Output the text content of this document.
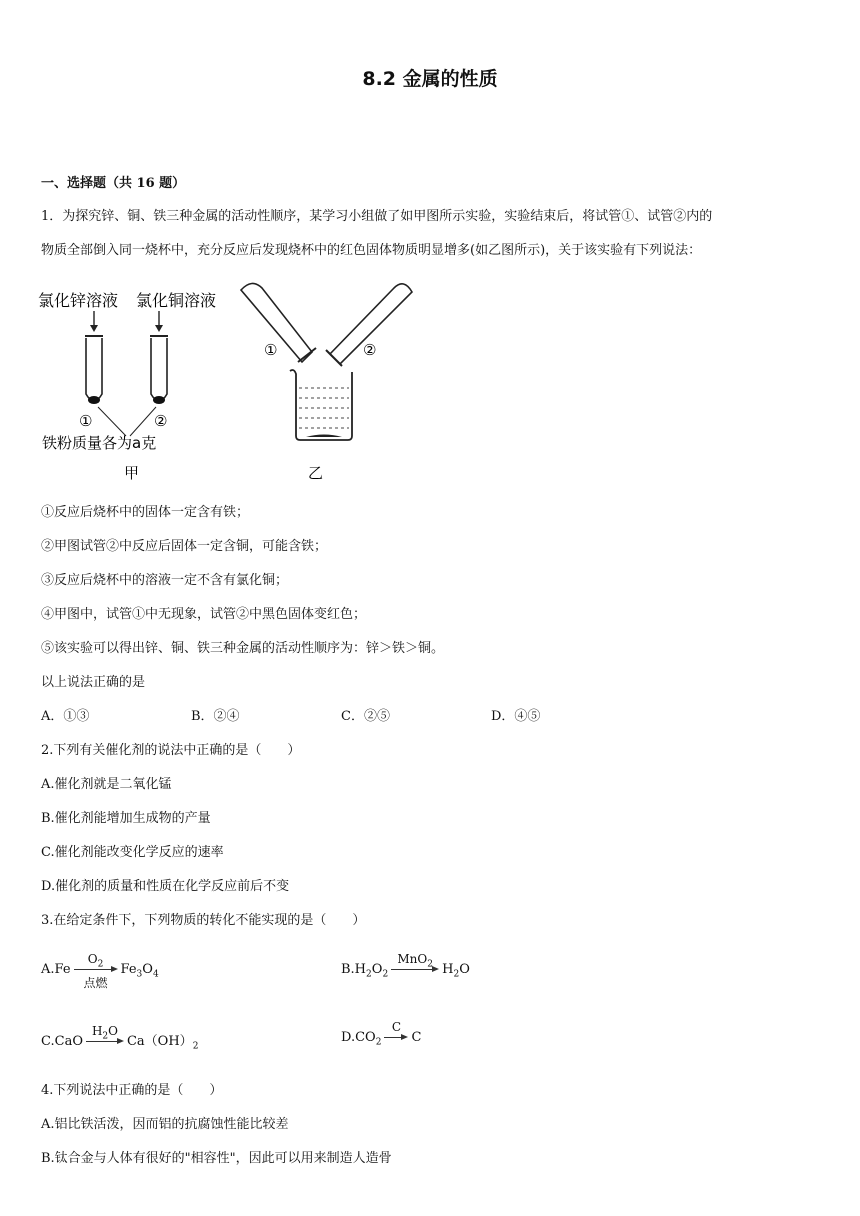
8.2 金属的性质
一、选择题（共 16 题）
1．为探究锌、铜、铁三种金属的活动性顺序，某学习小组做了如甲图所示实验，实验结束后，将试管①、试管②内的
物质全部倒入同一烧杯中，充分反应后发现烧杯中的红色固体物质明显增多(如乙图所示)，关于该实验有下列说法：
氯化锌溶液 氯化铜溶液
①	②
铁粉质量各为a克
甲
①	②
乙
①反应后烧杯中的固体一定含有铁；
②甲图试管②中反应后固体一定含铜，可能含铁；
③反应后烧杯中的溶液一定不含有氯化铜；
④甲图中，试管①中无现象，试管②中黑色固体变红色；
⑤该实验可以得出锌、铜、铁三种金属的活动性顺序为：锌＞铁＞铜。
以上说法正确的是
A．①③	B．②④	C．②⑤	D．④⑤
2.下列有关催化剂的说法中正确的是（　　）
A.催化剂就是二氧化锰
B.催化剂能增加生成物的产量
C.催化剂能改变化学反应的速率
D.催化剂的质量和性质在化学反应前后不变
3.在给定条件下，下列物质的转化不能实现的是（　　）
A.Fe
$O_2$
点燃
$Fe_3O_4$	$B.H_2O_2$
MnO$_2$ $H_2O$
C.CaO
$H_2O$
$Ca(OH)_2$
$D.CO_2$
C
C
4.下列说法中正确的是（　　）
A.铝比铁活泼，因而铝的抗腐蚀性能比较差
B.钛合金与人体有很好的"相容性"，因此可以用来制造人造骨
